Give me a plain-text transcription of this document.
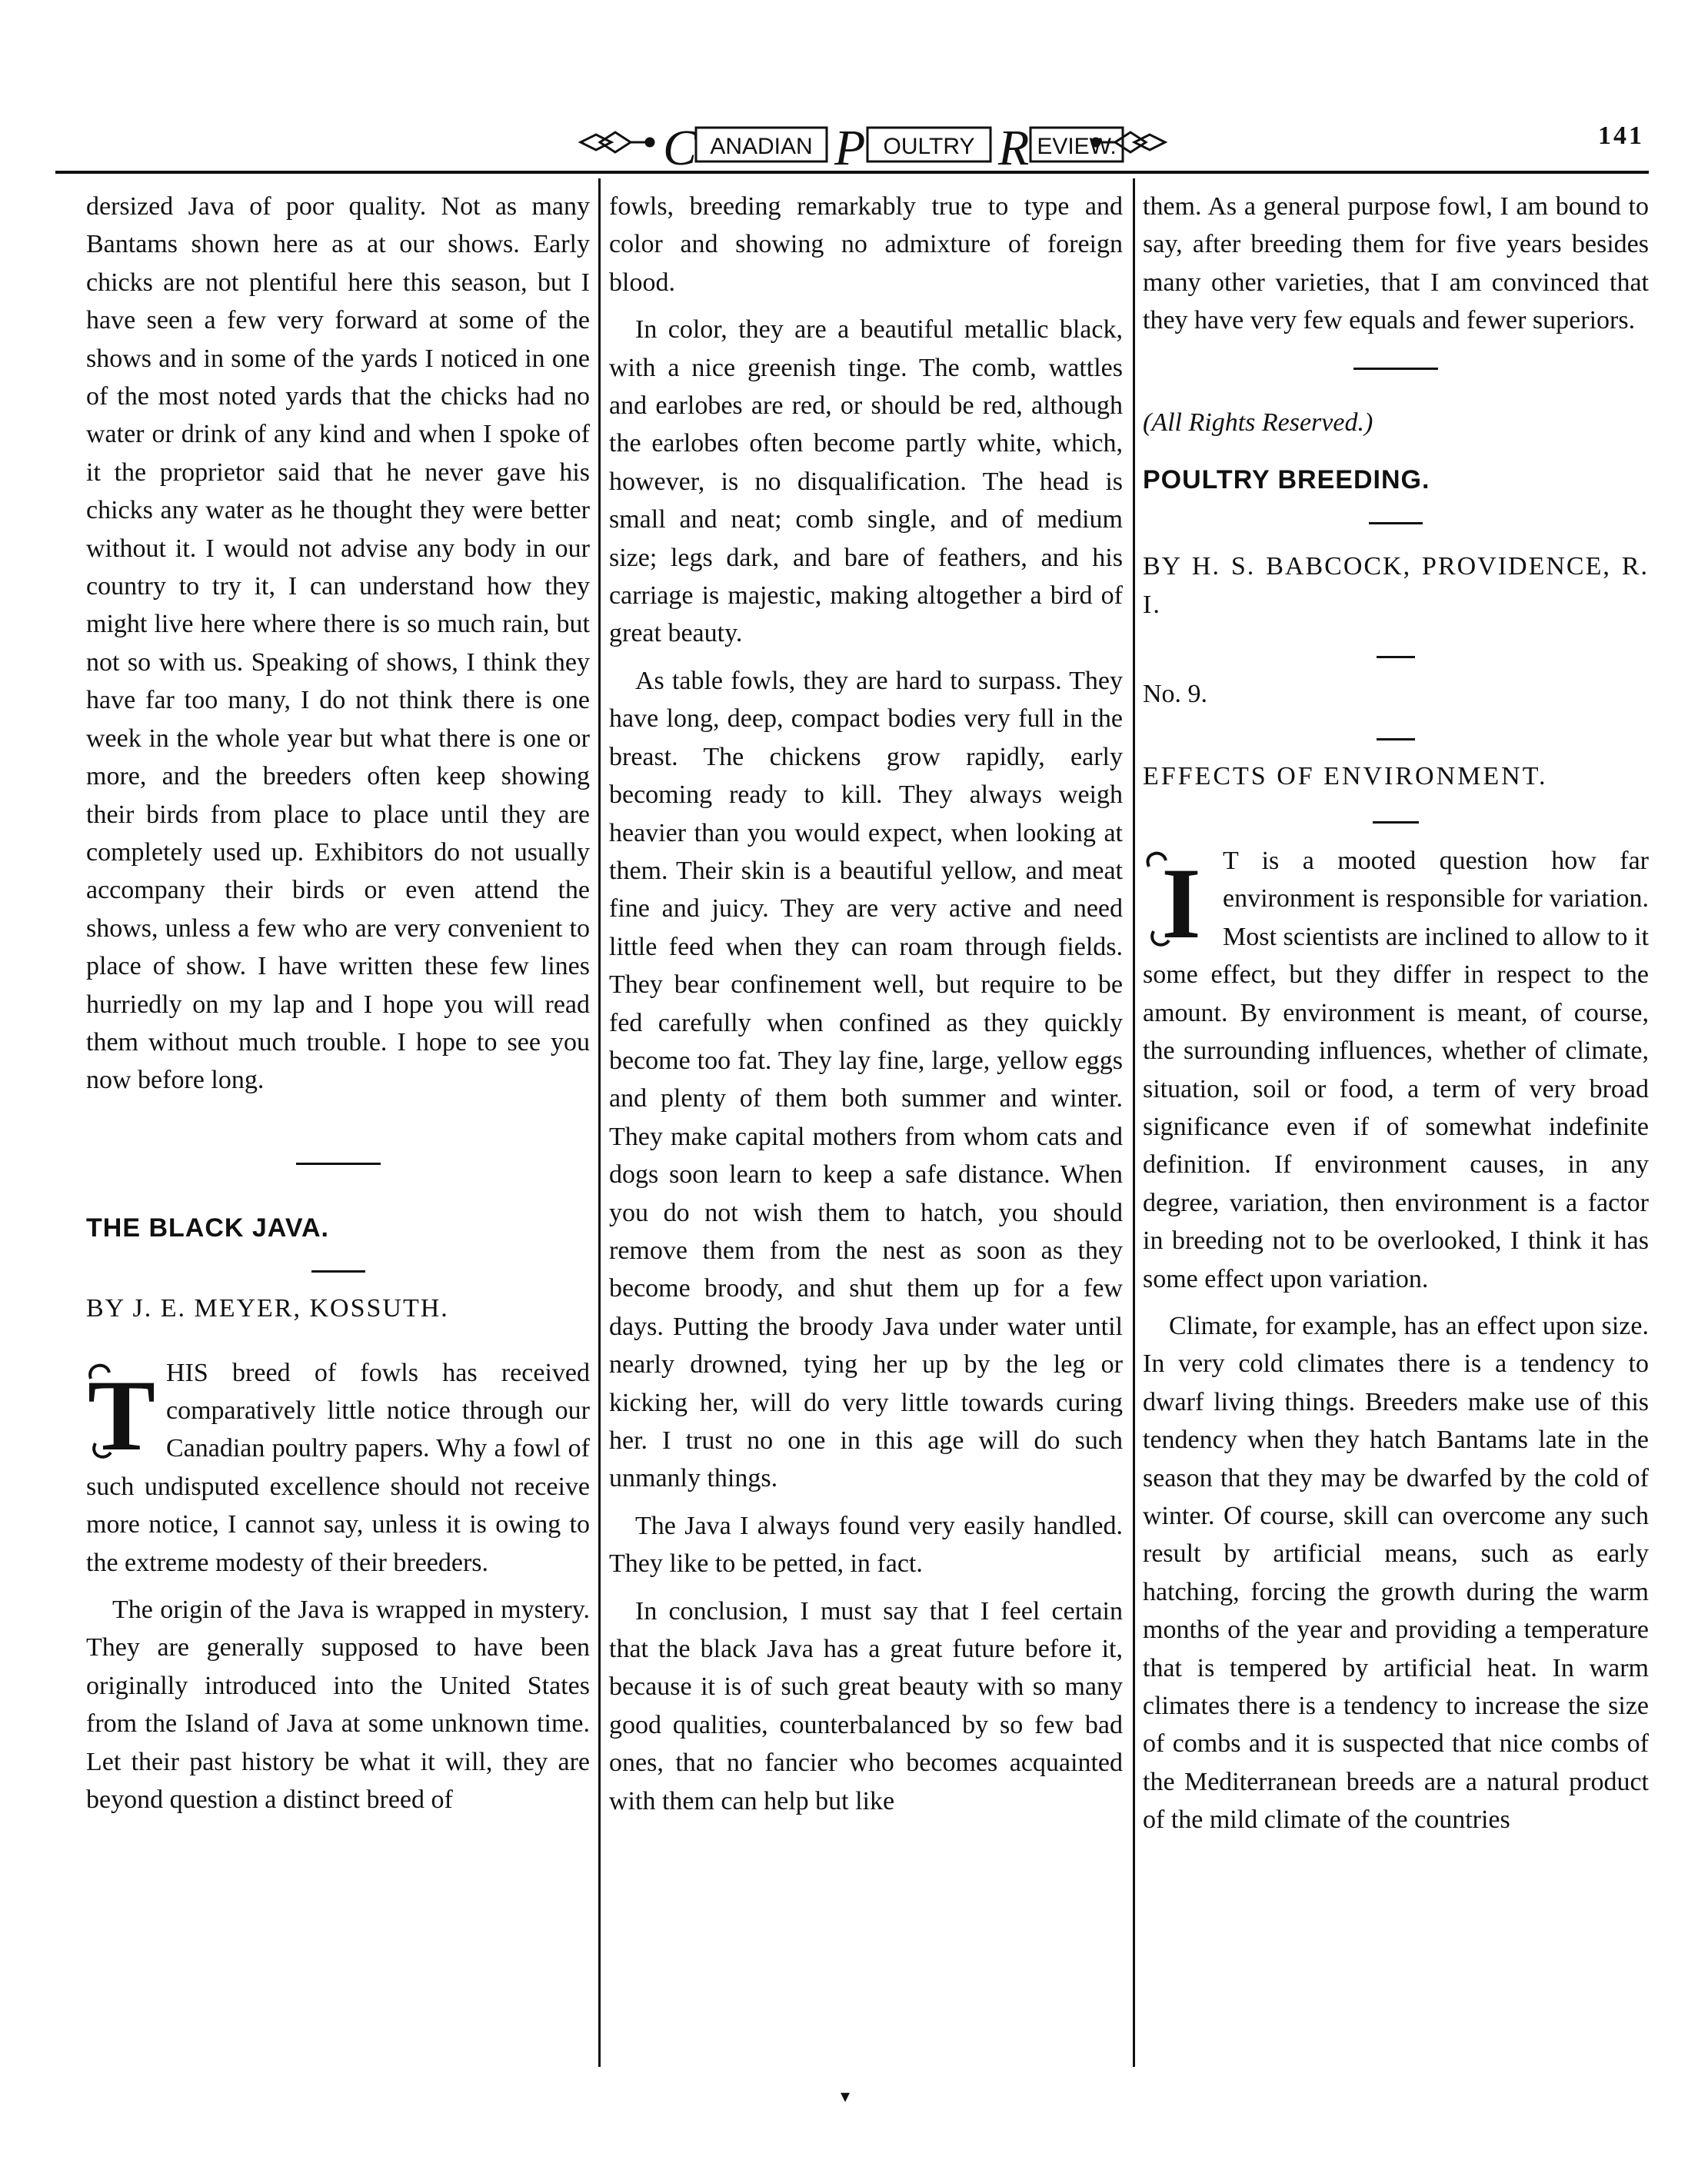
C ANADIAN P OULTRY R EVIEW.	141

dersized Java of poor quality. Not as many Bantams shown here as at our shows. Early chicks are not plentiful here this season, but I have seen a few very forward at some of the shows and in some of the yards I noticed in one of the most noted yards that the chicks had no water or drink of any kind and when I spoke of it the proprietor said that he never gave his chicks any water as he thought they were better without it. I would not advise any body in our country to try it, I can understand how they might live here where there is so much rain, but not so with us. Speaking of shows, I think they have far too many, I do not think there is one week in the whole year but what there is one or more, and the breeders often keep showing their birds from place to place until they are completely used up. Exhibitors do not usually accompany their birds or even attend the shows, unless a few who are very convenient to place of show. I have written these few lines hurriedly on my lap and I hope you will read them without much trouble. I hope to see you now before long.

THE BLACK JAVA.

BY J. E. MEYER, KOSSUTH.

T HIS breed of fowls has received comparatively little notice through our Canadian poultry papers. Why a fowl of such undisputed excellence should not receive more notice, I cannot say, unless it is owing to the extreme modesty of their breeders.

The origin of the Java is wrapped in mystery. They are generally supposed to have been originally introduced into the United States from the Island of Java at some unknown time. Let their past history be what it will, they are beyond question a distinct breed of

fowls, breeding remarkably true to type and color and showing no admixture of foreign blood.

In color, they are a beautiful metallic black, with a nice greenish tinge. The comb, wattles and earlobes are red, or should be red, although the earlobes often become partly white, which, however, is no disqualification. The head is small and neat; comb single, and of medium size; legs dark, and bare of feathers, and his carriage is majestic, making altogether a bird of great beauty.

As table fowls, they are hard to surpass. They have long, deep, compact bodies very full in the breast. The chickens grow rapidly, early becoming ready to kill. They always weigh heavier than you would expect, when looking at them. Their skin is a beautiful yellow, and meat fine and juicy. They are very active and need little feed when they can roam through fields. They bear confinement well, but require to be fed carefully when confined as they quickly become too fat. They lay fine, large, yellow eggs and plenty of them both summer and winter. They make capital mothers from whom cats and dogs soon learn to keep a safe distance. When you do not wish them to hatch, you should remove them from the nest as soon as they become broody, and shut them up for a few days. Putting the broody Java under water until nearly drowned, tying her up by the leg or kicking her, will do very little towards curing her. I trust no one in this age will do such unmanly things.

The Java I always found very easily handled. They like to be petted, in fact.

In conclusion, I must say that I feel certain that the black Java has a great future before it, because it is of such great beauty with so many good qualities, counterbalanced by so few bad ones, that no fancier who becomes acquainted with them can help but like

them. As a general purpose fowl, I am bound to say, after breeding them for five years besides many other varieties, that I am convinced that they have very few equals and fewer superiors.

(All Rights Reserved.)

POULTRY BREEDING.

BY H. S. BABCOCK, PROVIDENCE, R. I.

No. 9.

EFFECTS OF ENVIRONMENT.

I T is a mooted question how far environment is responsible for variation. Most scientists are inclined to allow to it some effect, but they differ in respect to the amount. By environment is meant, of course, the surrounding influences, whether of climate, situation, soil or food, a term of very broad significance even if of somewhat indefinite definition. If environment causes, in any degree, variation, then environment is a factor in breeding not to be overlooked, I think it has some effect upon variation.

Climate, for example, has an effect upon size. In very cold climates there is a tendency to dwarf living things. Breeders make use of this tendency when they hatch Bantams late in the season that they may be dwarfed by the cold of winter. Of course, skill can overcome any such result by artificial means, such as early hatching, forcing the growth during the warm months of the year and providing a temperature that is tempered by artificial heat. In warm climates there is a tendency to increase the size of combs and it is suspected that nice combs of the Mediterranean breeds are a natural product of the mild climate of the countries

▾
